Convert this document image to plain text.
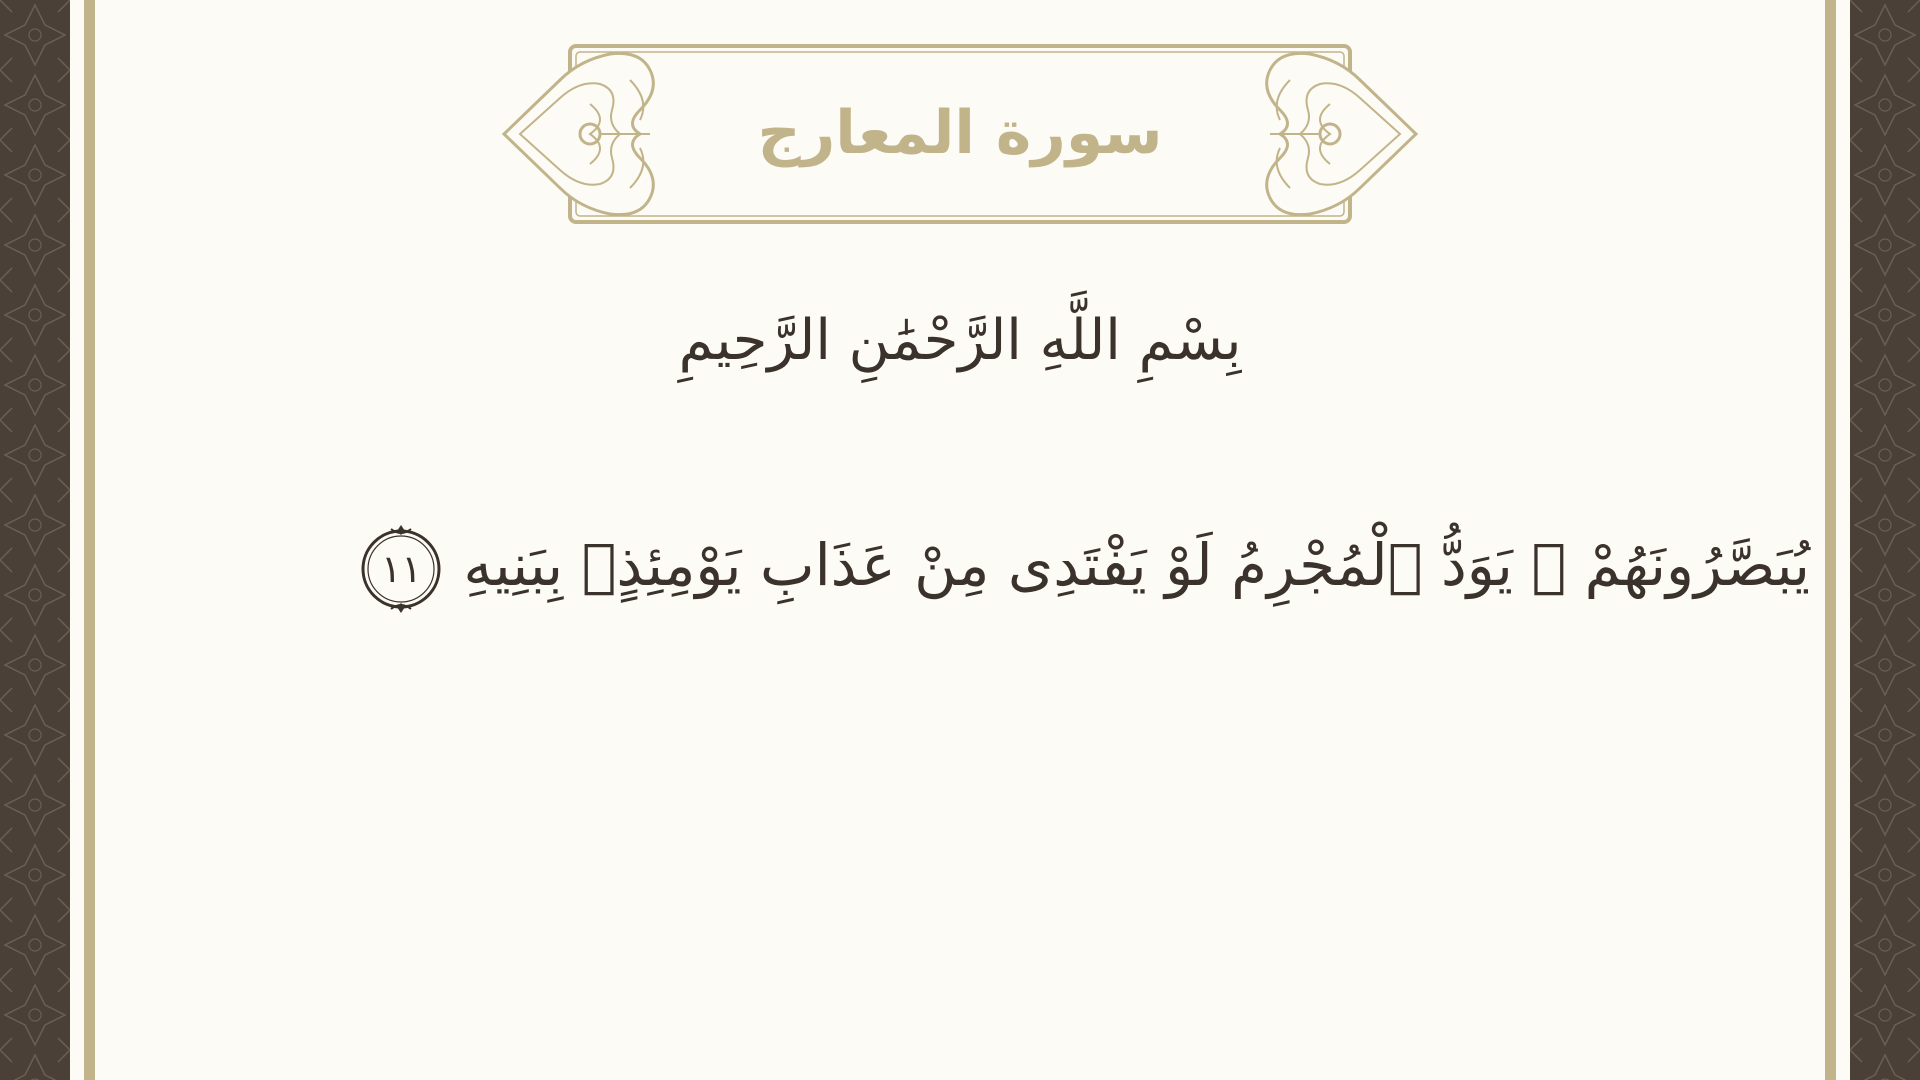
سورة المعارج
بِسْمِ اللَّهِ الرَّحْمَٰنِ الرَّحِيمِ
يُبَصَّرُونَهُمْ ۚ يَوَدُّ ٱلْمُجْرِمُ لَوْ يَفْتَدِى مِنْ عَذَابِ يَوْمِئِذٍۭ بِبَنِيهِ
١١
